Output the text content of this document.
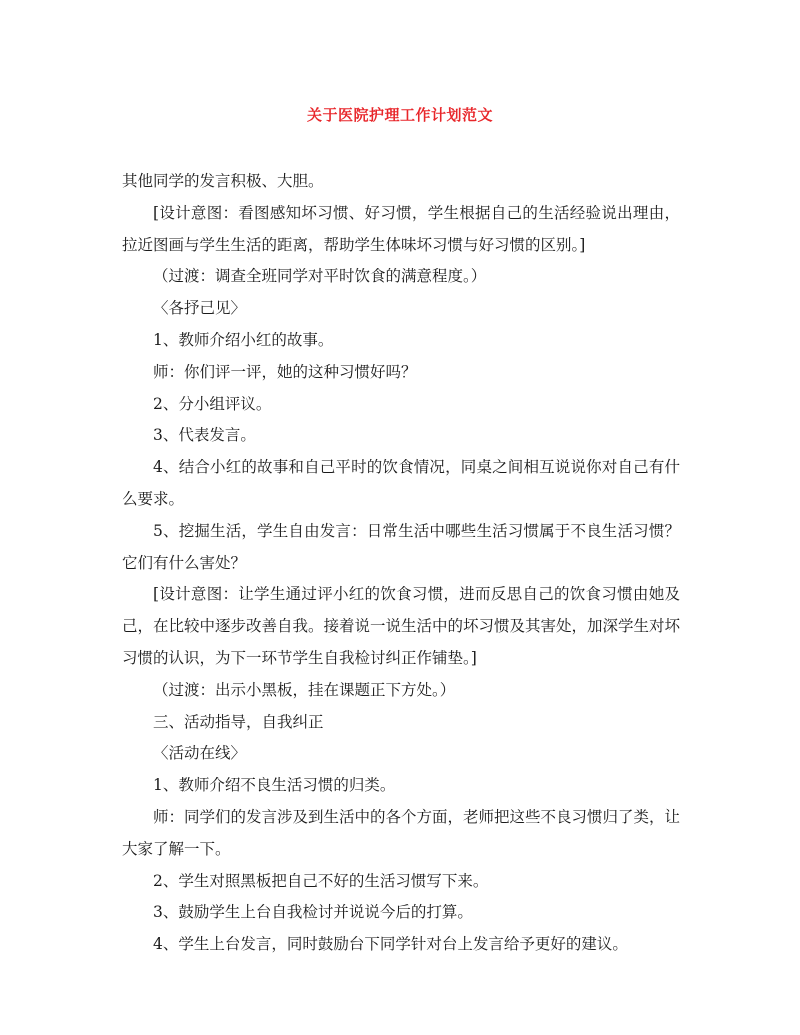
关于医院护理工作计划范文

其他同学的发言积极、大胆。

[设计意图：看图感知坏习惯、好习惯，学生根据自己的生活经验说出理由，拉近图画与学生生活的距离，帮助学生体味坏习惯与好习惯的区别。]

（过渡：调查全班同学对平时饮食的满意程度。）

〈各抒己见〉

1、教师介绍小红的故事。

师：你们评一评，她的这种习惯好吗？

2、分小组评议。

3、代表发言。

4、结合小红的故事和自己平时的饮食情况，同桌之间相互说说你对自己有什么要求。

5、挖掘生活，学生自由发言：日常生活中哪些生活习惯属于不良生活习惯？它们有什么害处？

[设计意图：让学生通过评小红的饮食习惯，进而反思自己的饮食习惯由她及己，在比较中逐步改善自我。接着说一说生活中的坏习惯及其害处，加深学生对坏习惯的认识，为下一环节学生自我检讨纠正作铺垫。]

（过渡：出示小黑板，挂在课题正下方处。）

三、活动指导，自我纠正

〈活动在线〉

1、教师介绍不良生活习惯的归类。

师：同学们的发言涉及到生活中的各个方面，老师把这些不良习惯归了类，让大家了解一下。

2、学生对照黑板把自己不好的生活习惯写下来。

3、鼓励学生上台自我检讨并说说今后的打算。

4、学生上台发言，同时鼓励台下同学针对台上发言给予更好的建议。
